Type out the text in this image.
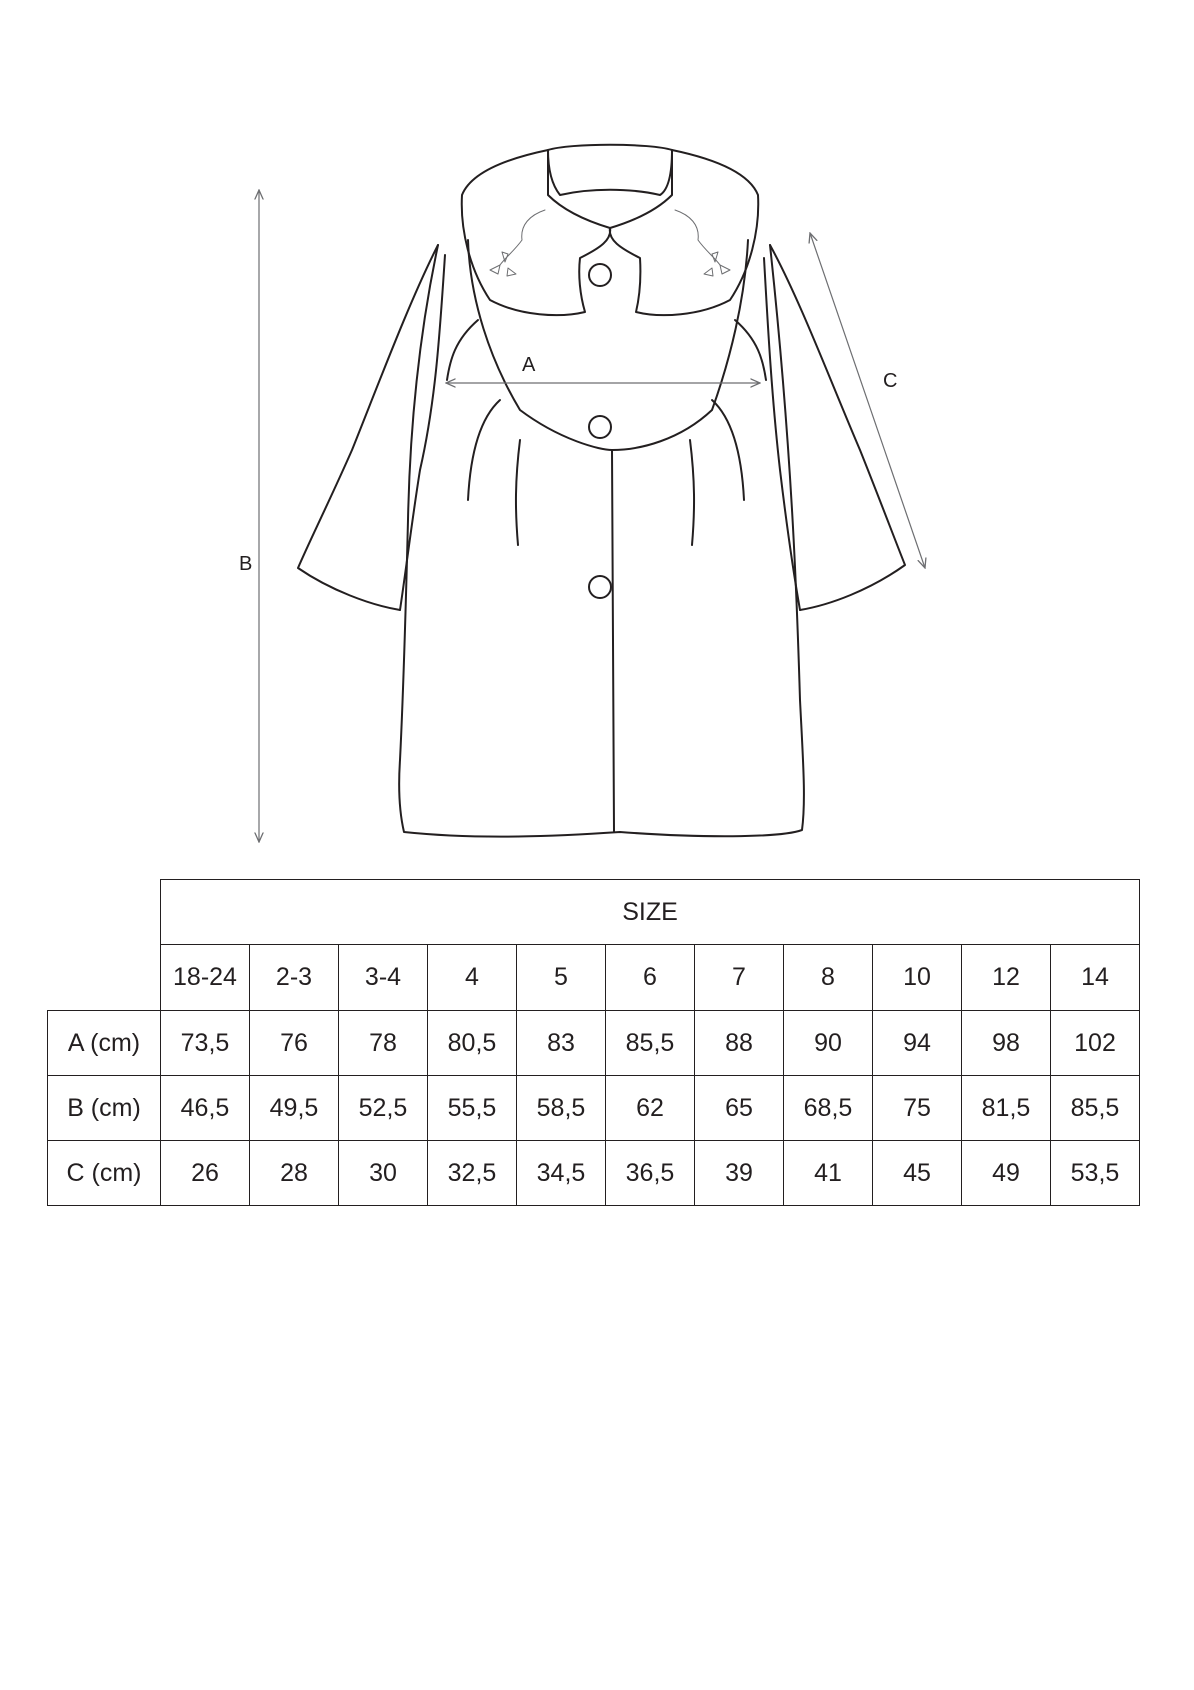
A
B
C
	SIZE										
	18-24	2-3	3-4	4	5	6	7	8	10	12	14
A (cm)	73,5	76	78	80,5	83	85,5	88	90	94	98	102
B (cm)	46,5	49,5	52,5	55,5	58,5	62	65	68,5	75	81,5	85,5
C (cm)	26	28	30	32,5	34,5	36,5	39	41	45	49	53,5
